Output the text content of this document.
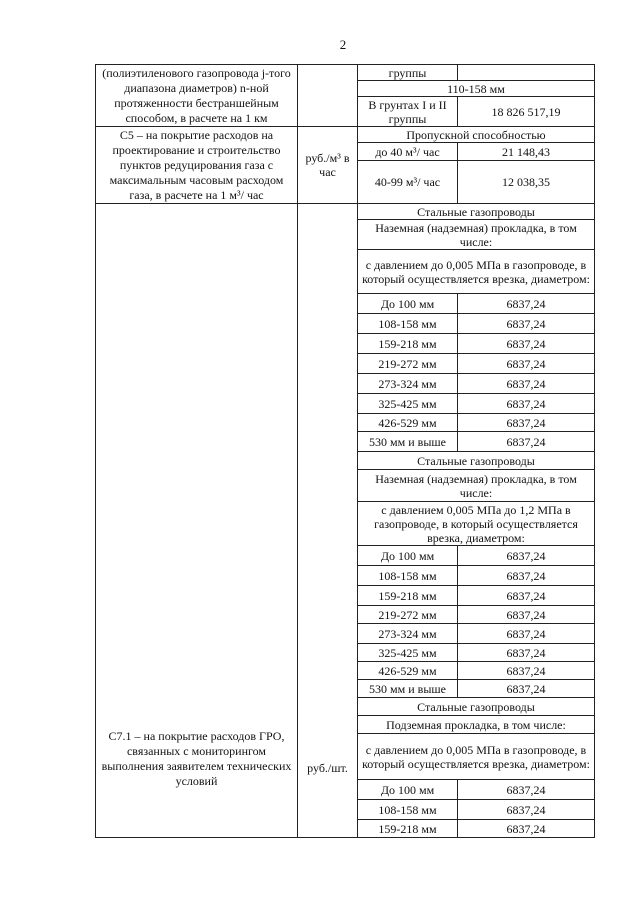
2
(полиэтиленового газопровода j-того диапазона диаметров) n-ной протяженности бестраншейным способом, в расчете на 1 км		группы	
		110-158 мм	
		В грунтах I и II группы	18 826 517,19
С5 – на покрытие расходов на проектирование и строительство пунктов редуцирования газа с максимальным часовым расходом газа, в расчете на 1 м³/ час	руб./м³ в час	Пропускной способностью	
		до 40 м³/ час	21 148,43
		40-99 м³/ час	12 038,35
С7.1 – на покрытие расходов ГРО, связанных с мониторингом выполнения заявителем технических условий	руб./шт.	Стальные газопроводы	
		Наземная (надземная) прокладка, в том числе:	
		с давлением до 0,005 МПа в газопроводе, в который осуществляется врезка, диаметром:	
		До 100 мм	6837,24
		108-158 мм	6837,24
		159-218 мм	6837,24
		219-272 мм	6837,24
		273-324 мм	6837,24
		325-425 мм	6837,24
		426-529 мм	6837,24
		530 мм и выше	6837,24
		Стальные газопроводы	
		Наземная (надземная) прокладка, в том числе:	
		с давлением 0,005 МПа до 1,2 МПа в газопроводе, в который осуществляется врезка, диаметром:	
		До 100 мм	6837,24
		108-158 мм	6837,24
		159-218 мм	6837,24
		219-272 мм	6837,24
		273-324 мм	6837,24
		325-425 мм	6837,24
		426-529 мм	6837,24
		530 мм и выше	6837,24
		Стальные газопроводы	
		Подземная прокладка, в том числе:	
		с давлением до 0,005 МПа в газопроводе, в который осуществляется врезка, диаметром:	
		До 100 мм	6837,24
		108-158 мм	6837,24
		159-218 мм	6837,24
